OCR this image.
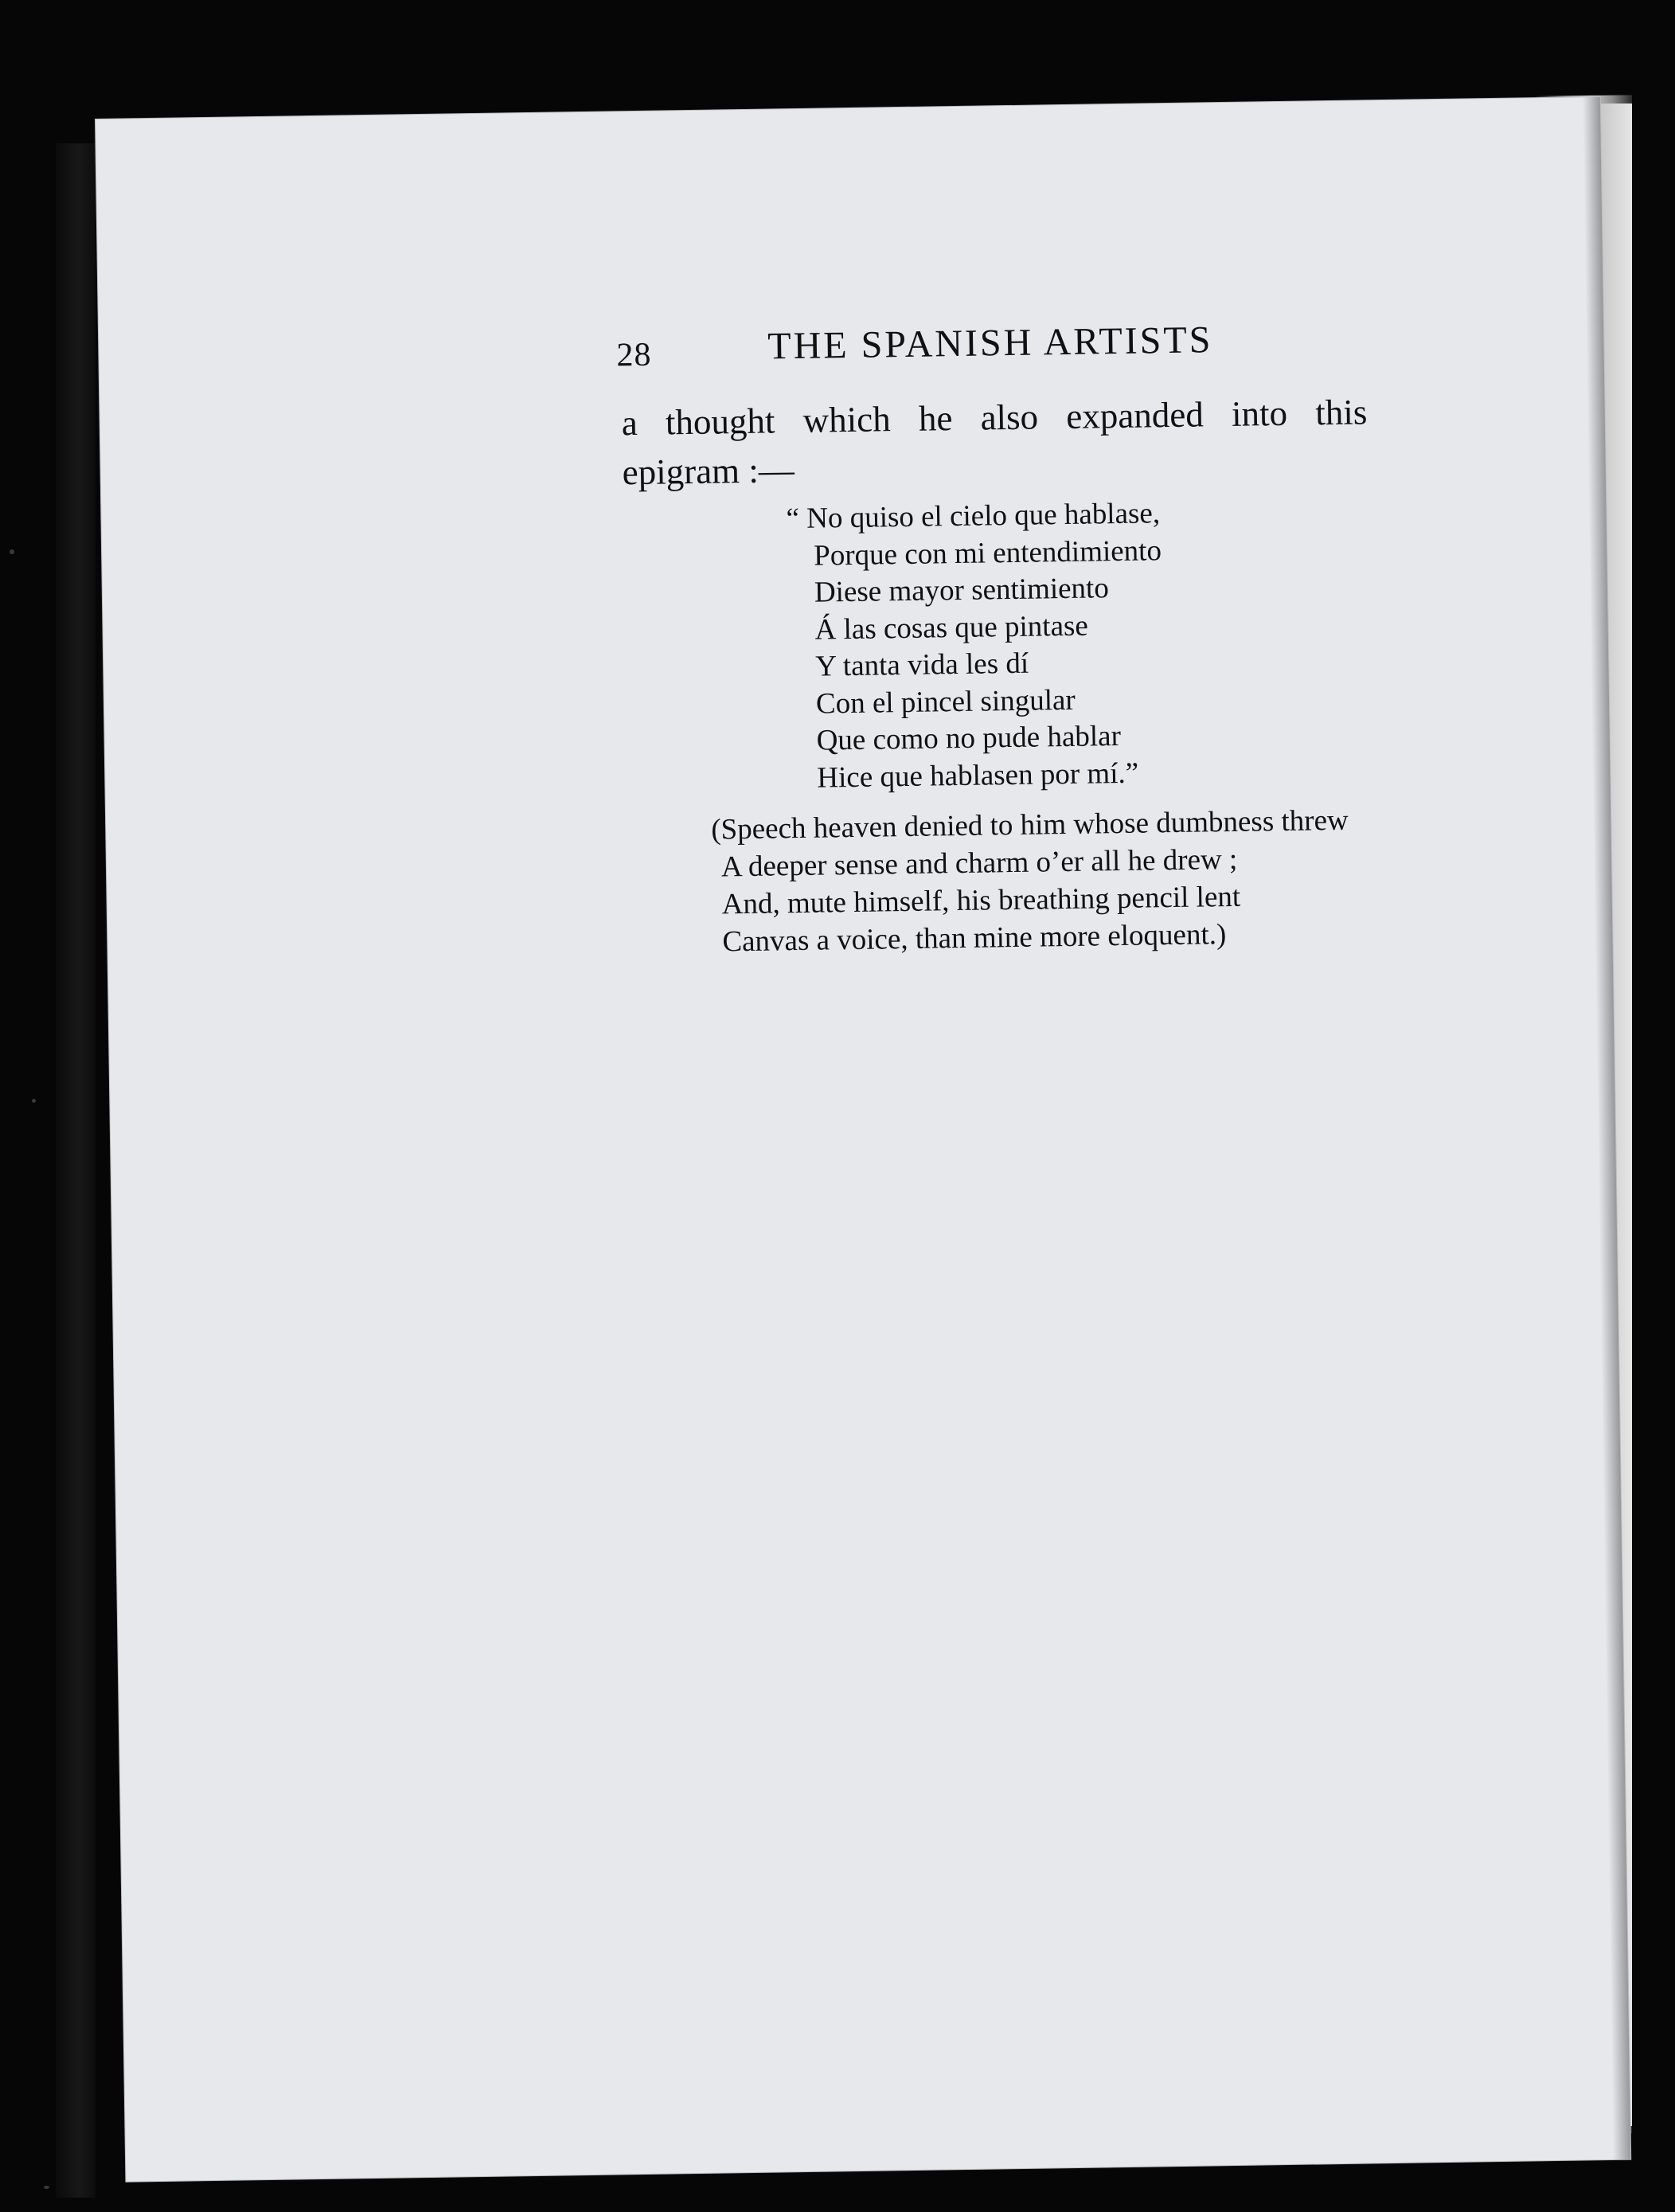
28	THE SPANISH ARTISTS
a thought which he also expanded into this
epigram :—
“ No quiso el cielo que hablase,
Porque con mi entendimiento
Diese mayor sentimiento
Á las cosas que pintase
Y tanta vida les dí
Con el pincel singular
Que como no pude hablar
Hice que hablasen por mí.”
(Speech heaven denied to him whose dumbness threw
A deeper sense and charm o’er all he drew ;
And, mute himself, his breathing pencil lent
Canvas a voice, than mine more eloquent.)
